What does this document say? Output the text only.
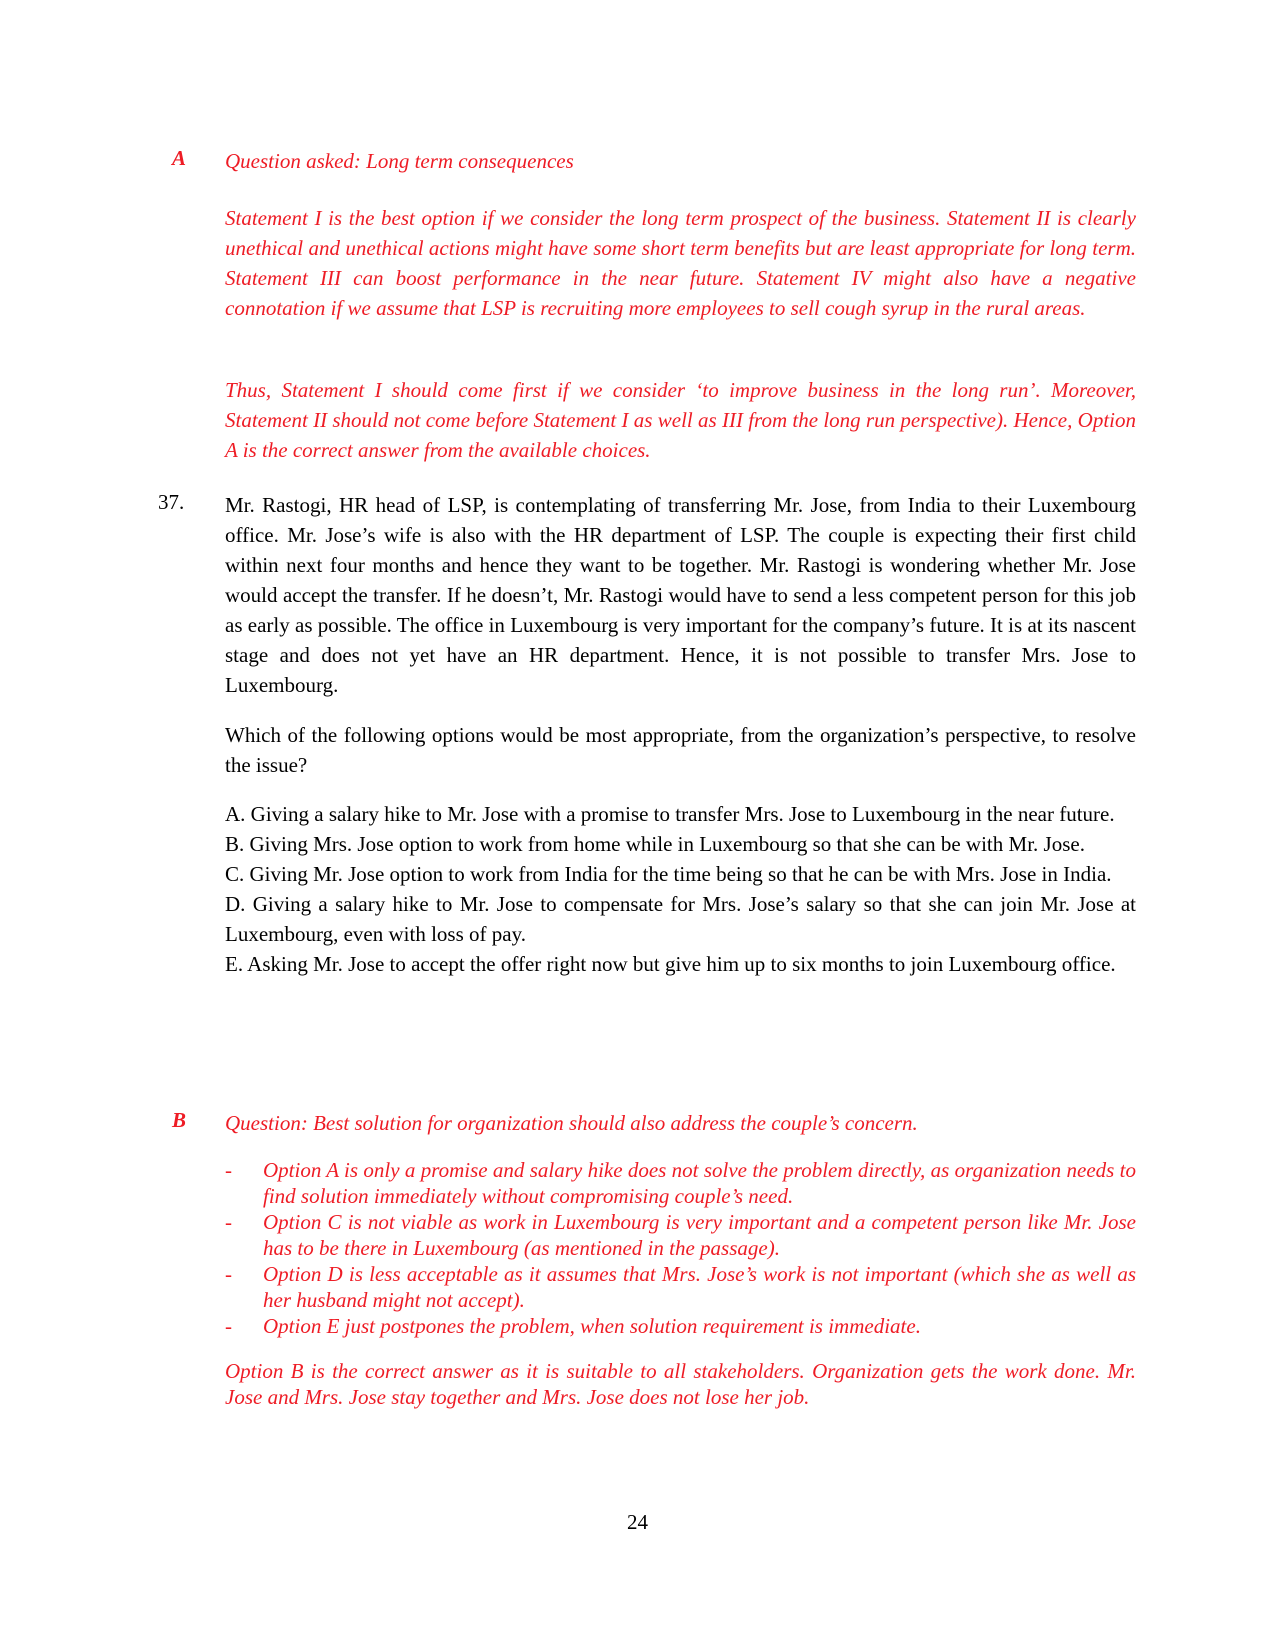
A Question asked: Long term consequences

Statement I is the best option if we consider the long term prospect of the business. Statement II is clearly unethical and unethical actions might have some short term benefits but are least appropriate for long term. Statement III can boost performance in the near future. Statement IV might also have a negative connotation if we assume that LSP is recruiting more employees to sell cough syrup in the rural areas.

Thus, Statement I should come first if we consider ‘to improve business in the long run’. Moreover, Statement II should not come before Statement I as well as III from the long run perspective). Hence, Option A is the correct answer from the available choices.

37. Mr. Rastogi, HR head of LSP, is contemplating of transferring Mr. Jose, from India to their Luxembourg office. Mr. Jose’s wife is also with the HR department of LSP. The couple is expecting their first child within next four months and hence they want to be together. Mr. Rastogi is wondering whether Mr. Jose would accept the transfer. If he doesn’t, Mr. Rastogi would have to send a less competent person for this job as early as possible. The office in Luxembourg is very important for the company’s future. It is at its nascent stage and does not yet have an HR department. Hence, it is not possible to transfer Mrs. Jose to Luxembourg.

Which of the following options would be most appropriate, from the organization’s perspective, to resolve the issue?

A. Giving a salary hike to Mr. Jose with a promise to transfer Mrs. Jose to Luxembourg in the near future.

B. Giving Mrs. Jose option to work from home while in Luxembourg so that she can be with Mr. Jose.

C. Giving Mr. Jose option to work from India for the time being so that he can be with Mrs. Jose in India.

D. Giving a salary hike to Mr. Jose to compensate for Mrs. Jose’s salary so that she can join Mr. Jose at Luxembourg, even with loss of pay.

E. Asking Mr. Jose to accept the offer right now but give him up to six months to join Luxembourg office.

B Question: Best solution for organization should also address the couple’s concern.
- Option A is only a promise and salary hike does not solve the problem directly, as organization needs to find solution immediately without compromising couple’s need.
- Option C is not viable as work in Luxembourg is very important and a competent person like Mr. Jose has to be there in Luxembourg (as mentioned in the passage).
- Option D is less acceptable as it assumes that Mrs. Jose’s work is not important (which she as well as her husband might not accept).
- Option E just postpones the problem, when solution requirement is immediate.

Option B is the correct answer as it is suitable to all stakeholders. Organization gets the work done. Mr. Jose and Mrs. Jose stay together and Mrs. Jose does not lose her job.

24
